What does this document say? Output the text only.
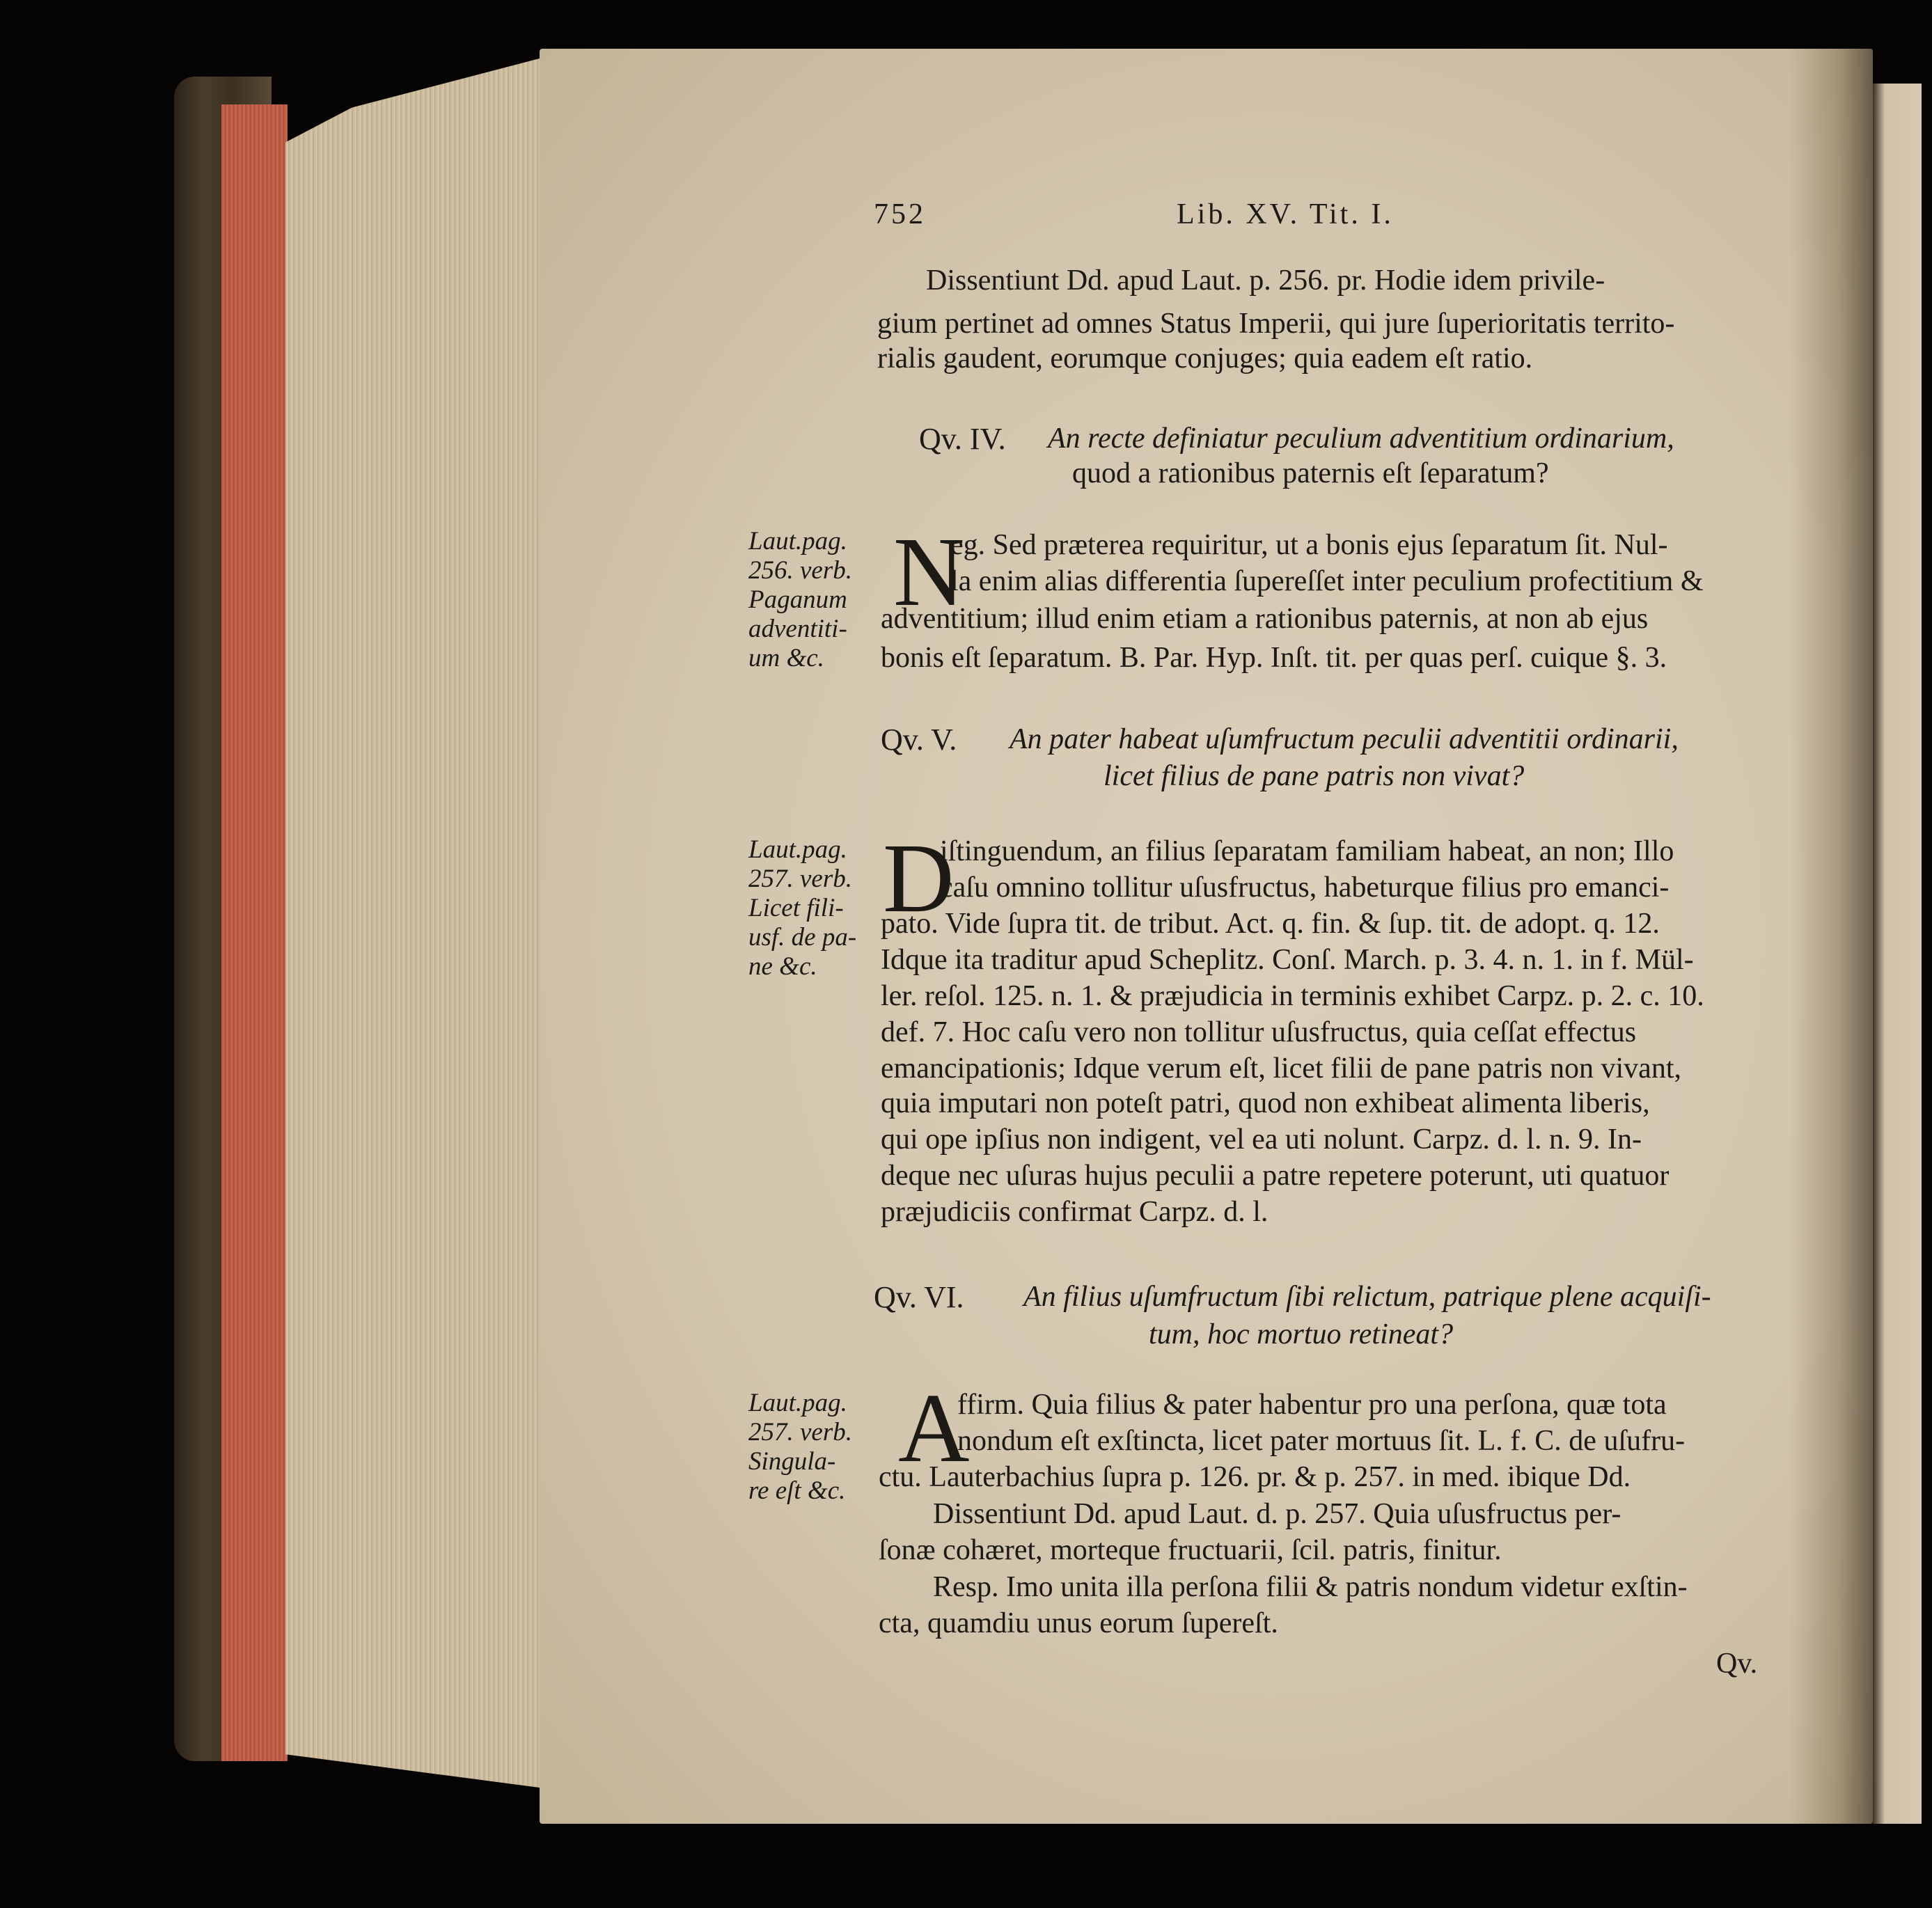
752	Lib. XV. Tit. I.
Dissentiunt Dd. apud Laut. p. 256. pr. Hodie idem privile-
gium pertinet ad omnes Status Imperii, qui jure ſuperioritatis territo-
rialis gaudent, eorumque conjuges; quia eadem eſt ratio.
Qv. IV. An recte definiatur peculium adventitium ordinarium,
quod a rationibus paternis eſt ſeparatum?
Laut.pag.
256. verb.
Paganum
adventiti-
um &c.
N
eg. Sed præterea requiritur, ut a bonis ejus ſeparatum ſit. Nul-
la enim alias differentia ſupereſſet inter peculium profectitium &
adventitium; illud enim etiam a rationibus paternis, at non ab ejus
bonis eſt ſeparatum. B. Par. Hyp. Inſt. tit. per quas perſ. cuique §. 3.
Qv. V. An pater habeat uſumfructum peculii adventitii ordinarii,
licet filius de pane patris non vivat?
Laut.pag.
257. verb.
Licet fili-
usf. de pa-
ne &c.
D
iſtinguendum, an filius ſeparatam familiam habeat, an non; Illo
caſu omnino tollitur uſusfructus, habeturque filius pro emanci-
pato. Vide ſupra tit. de tribut. Act. q. fin. & ſup. tit. de adopt. q. 12.
Idque ita traditur apud Scheplitz. Conſ. March. p. 3. 4. n. 1. in f. Mül-
ler. reſol. 125. n. 1. & præjudicia in terminis exhibet Carpz. p. 2. c. 10.
def. 7. Hoc caſu vero non tollitur uſusfructus, quia ceſſat effectus
emancipationis; Idque verum eſt, licet filii de pane patris non vivant,
quia imputari non poteſt patri, quod non exhibeat alimenta liberis,
qui ope ipſius non indigent, vel ea uti nolunt. Carpz. d. l. n. 9. In-
deque nec uſuras hujus peculii a patre repetere poterunt, uti quatuor
præjudiciis confirmat Carpz. d. l.
Qv. VI. An filius uſumfructum ſibi relictum, patrique plene acquiſi-
tum, hoc mortuo retineat?
Laut.pag.
257. verb.
Singula-
re eſt &c.
A
ffirm. Quia filius & pater habentur pro una perſona, quæ tota
nondum eſt exſtincta, licet pater mortuus ſit. L. f. C. de uſufru-
ctu. Lauterbachius ſupra p. 126. pr. & p. 257. in med. ibique Dd.
Dissentiunt Dd. apud Laut. d. p. 257. Quia uſusfructus per-
ſonæ cohæret, morteque fructuarii, ſcil. patris, finitur.
Resp. Imo unita illa perſona filii & patris nondum videtur exſtin-
cta, quamdiu unus eorum ſupereſt.
Qv.
